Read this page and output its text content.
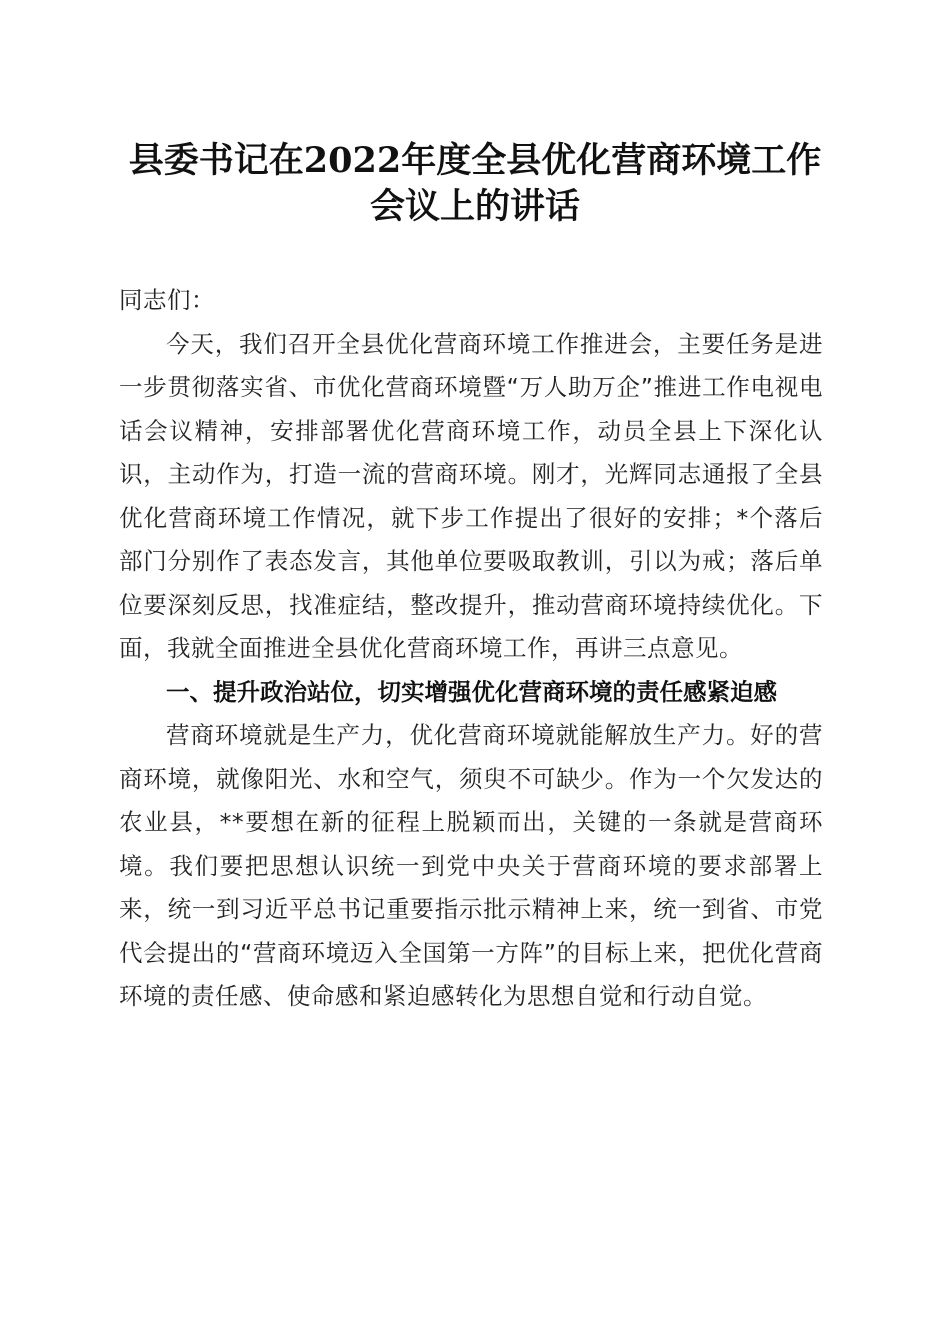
县委书记在2022年度全县优化营商环境工作
会议上的讲话

同志们：

今天，我们召开全县优化营商环境工作推进会，主要任务是进一步贯彻落实省、市优化营商环境暨“万人助万企”推进工作电视电话会议精神，安排部署优化营商环境工作，动员全县上下深化认识，主动作为，打造一流的营商环境。刚才，光辉同志通报了全县优化营商环境工作情况，就下步工作提出了很好的安排；*个落后部门分别作了表态发言，其他单位要吸取教训，引以为戒；落后单位要深刻反思，找准症结，整改提升，推动营商环境持续优化。下面，我就全面推进全县优化营商环境工作，再讲三点意见。

一、提升政治站位，切实增强优化营商环境的责任感紧迫感

营商环境就是生产力，优化营商环境就能解放生产力。好的营商环境，就像阳光、水和空气，须臾不可缺少。作为一个欠发达的农业县，**要想在新的征程上脱颖而出，关键的一条就是营商环境。我们要把思想认识统一到党中央关于营商环境的要求部署上来，统一到习近平总书记重要指示批示精神上来，统一到省、市党代会提出的“营商环境迈入全国第一方阵”的目标上来，把优化营商环境的责任感、使命感和紧迫感转化为思想自觉和行动自觉。
